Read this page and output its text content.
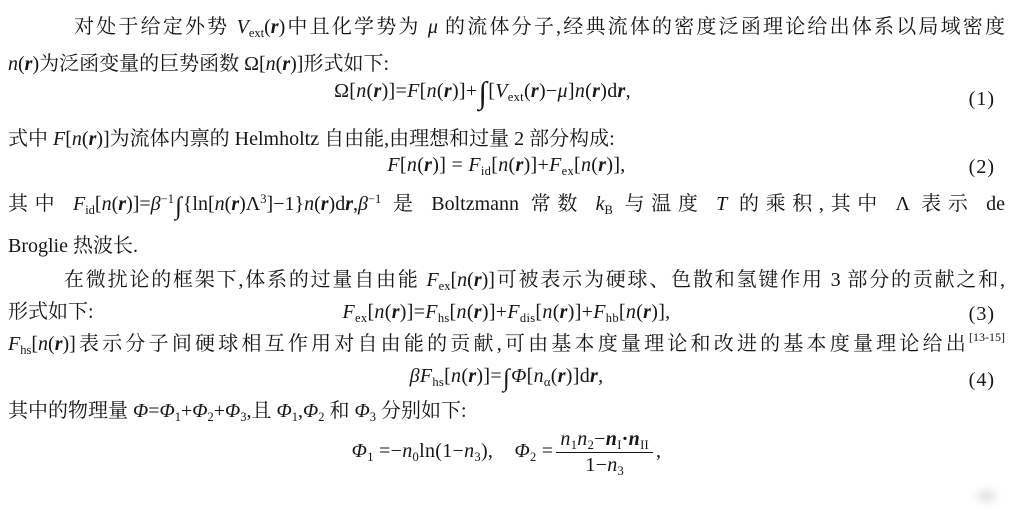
对处于给定外势 $V_{ext}(r)$中且化学势为 μ 的流体分子,经典流体的密度泛函理论给出体系以局域密度
n(r)为泛函变量的巨势函数 Ω[n(r)]形式如下:
$\Omega[n(r)]=F[n(r)]+\int[V_{ext}(r)-\mu]n(r)dr$,	(1)
式中 F[n(r)]为流体内禀的 Helmholtz 自由能,由理想和过量 2 部分构成:
$F[n(r)] = F_{id}[n(r)]+F_{ex}[n(r)]$,	(2)
其中 $F_{id}[n(r)]=\beta^{-1}\int\{\ln[n(r)\Lambda^3]-1\}n(r)dr,\beta^{-1}$ 是 Boltzmann 常数 $k_B$ 与温度 T 的乘积,其中 Λ 表示 de
Broglie 热波长.
在微扰论的框架下,体系的过量自由能 $F_{ex}[n(r)]$可被表示为硬球、色散和氢键作用 3 部分的贡献之和,
形式如下:	$F_{ex}[n(r)]=F_{hs}[n(r)]+F_{dis}[n(r)]+F_{hb}[n(r)]$,	(3)
$F_{hs}[n(r)]$表示分子间硬球相互作用对自由能的贡献,可由基本度量理论和改进的基本度量理论给出[13-15]
$\beta F_{hs}[n(r)]=\int\Phi[n_\alpha(r)]dr$,	(4)
其中的物理量 $\Phi=\Phi_1+\Phi_2+\Phi_3$,且 $\Phi_1,\Phi_2$ 和 $\Phi_3$ 分别如下:
$\Phi_1 =-n_0\ln(1-n_3)$,    $\Phi_2 = \frac{n_1n_2-n_I\cdot n_{II}}{1-n_3}$ ,
